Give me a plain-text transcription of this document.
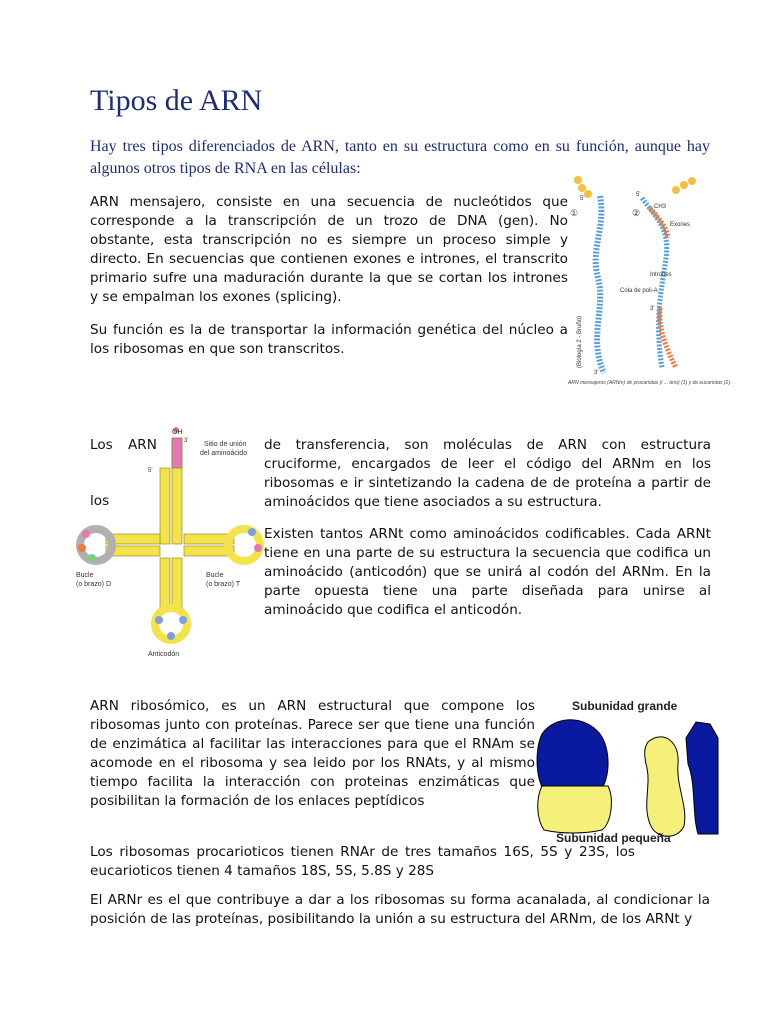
Tipos de ARN

Hay tres tipos diferenciados de ARN, tanto en su estructura como en su función, aunque hay algunos otros tipos de RNA en las células:

ARN mensajero, consiste en una secuencia de nucleótidos que corresponde a la transcripción de un trozo de DNA (gen). No obstante, esta transcripción no es siempre un proceso simple y directo. En secuencias que contienen exones e intrones, el transcrito primario sufre una maduración durante la que se cortan los intrones y se empalman los exones (splicing).

Su función es la de transportar la información genética del núcleo a los ribosomas en que son transcritos.

①	②
5'
5'
CH3
Exones
Intrones
Cola de poli-A
3'
3'
(Biología 2 - Bruño)
ARN mensajeros (ARNm) de procariotas (i ... tero) (1) y de eucariotas (2).
Los ARN
los

de transferencia, son moléculas de ARN con estructura cruciforme, encargados de leer el código del ARNm en los ribosomas e ir sintetizando la cadena de de proteína a partir de aminoácidos que tiene asociados a su estructura.

Existen tantos ARNt como aminoácidos codificables. Cada ARNt tiene en una parte de su estructura la secuencia que codifica un aminoácido (anticodón) que se unirá al codón del ARNm. En la parte opuesta tiene una parte diseñada para unirse al aminoácido que codifica el anticodón.

OH
3'
5'
Sitio de unión
del aminoácido
Bucle
(o brazo) D
Bucle
(o brazo) T
Anticodón

ARN ribosómico, es un ARN estructural que compone los ribosomas junto con proteínas. Parece ser que tiene una función de enzimática al facilitar las interacciones para que el RNAm se acomode en el ribosoma y sea leido por los RNAts, y al mismo tiempo facilita la interacción con proteinas enzimáticas que posibilitan la formación de los enlaces peptídicos

Los ribosomas procarioticos tienen RNAr de tres tamaños 16S, 5S y 23S, los eucarioticos tienen 4 tamaños 18S, 5S, 5.8S y 28S

El ARNr es el que contribuye a dar a los ribosomas su forma acanalada, al condicionar la posición de las proteínas, posibilitando la unión a su estructura del ARNm, de los ARNt y

Subunidad grande
Subunidad pequeña
